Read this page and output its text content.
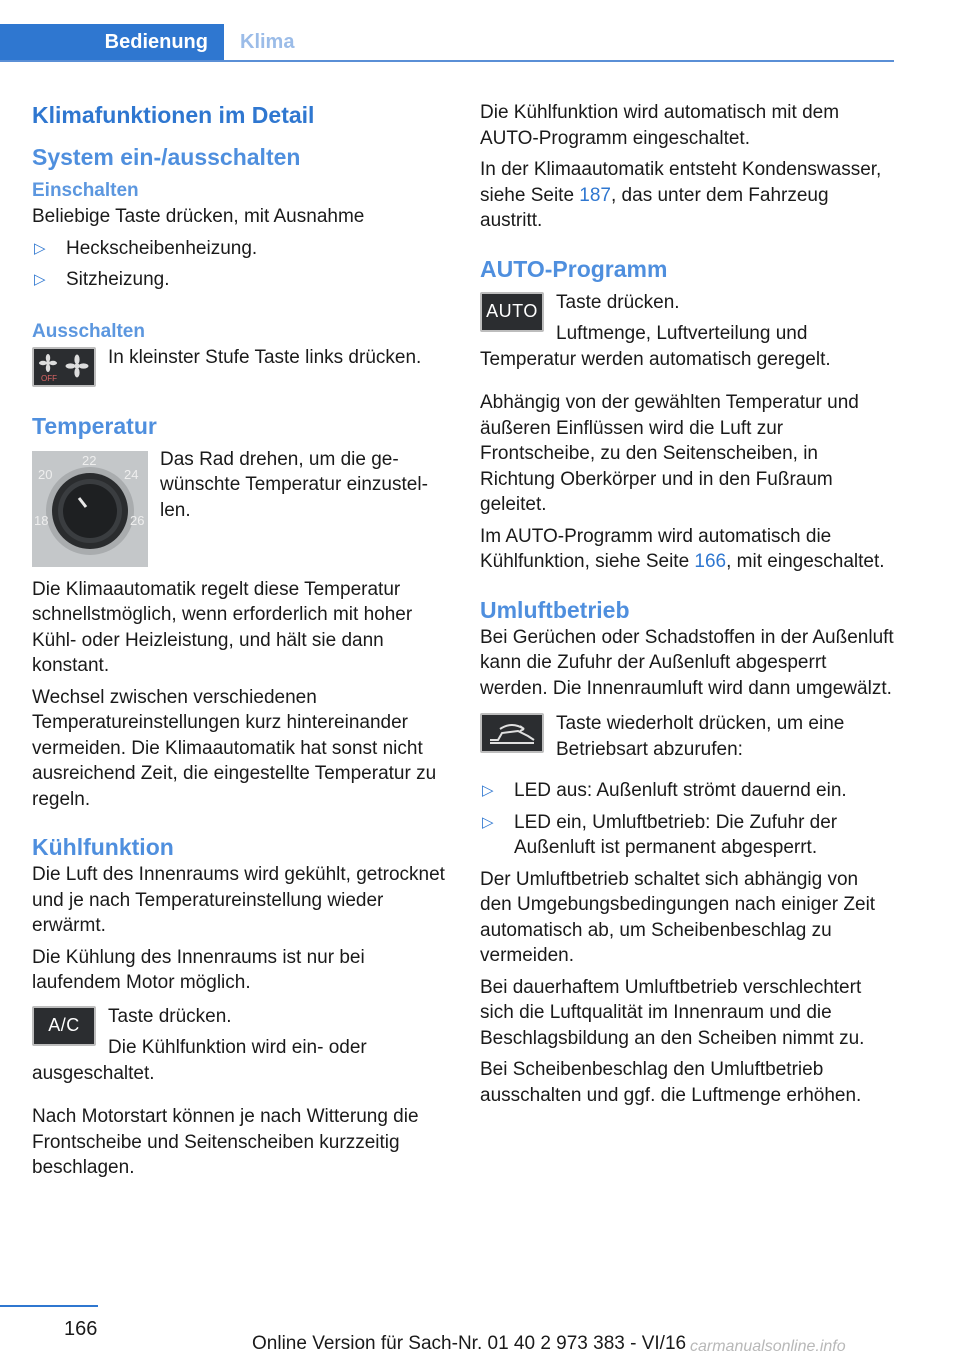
Bedienung	Klima
Klimafunktionen im Detail
System ein-/ausschalten
Einschalten

Beliebige Taste drücken, mit Ausnahme

▷ Heckscheibenheizung.
▷ Sitzheizung.
Ausschalten
OFF

In kleinster Stufe Taste links drücken.

Temperatur
22
20	24
18	26

Das Rad drehen, um die gewünschte Temperatur einzustellen.

Die Klimaautomatik regelt diese Temperatur schnellstmöglich, wenn erforderlich mit hoher Kühl- oder Heizleistung, und hält sie dann konstant.

Wechsel zwischen verschiedenen Temperatureinstellungen kurz hintereinander vermeiden. Die Klimaautomatik hat sonst nicht ausreichend Zeit, die eingestellte Temperatur zu regeln.

Kühlfunktion

Die Luft des Innenraums wird gekühlt, getrocknet und je nach Temperatureinstellung wieder erwärmt.

Die Kühlung des Innenraums ist nur bei laufendem Motor möglich.

A/C	Taste drücken.

Die Kühlfunktion wird ein- oder ausgeschaltet.

Nach Motorstart können je nach Witterung die Frontscheibe und Seitenscheiben kurzzeitig beschlagen.

Die Kühlfunktion wird automatisch mit dem AUTO-Programm eingeschaltet.

In der Klimaautomatik entsteht Kondenswasser, siehe Seite 187, das unter dem Fahrzeug austritt.

AUTO-Programm
AUTO Taste drücken.

Luftmenge, Luftverteilung und Temperatur werden automatisch geregelt.

Abhängig von der gewählten Temperatur und äußeren Einflüssen wird die Luft zur Frontscheibe, zu den Seitenscheiben, in Richtung Oberkörper und in den Fußraum geleitet.

Im AUTO-Programm wird automatisch die Kühlfunktion, siehe Seite 166, mit eingeschaltet.

Umluftbetrieb

Bei Gerüchen oder Schadstoffen in der Außenluft kann die Zufuhr der Außenluft abgesperrt werden. Die Innenraumluft wird dann umgewälzt.

Taste wiederholt drücken, um eine Betriebsart abzurufen:

▷ LED aus: Außenluft strömt dauernd ein.
▷ LED ein, Umluftbetrieb: Die Zufuhr der Außenluft ist permanent abgesperrt.

Der Umluftbetrieb schaltet sich abhängig von den Umgebungsbedingungen nach einiger Zeit automatisch ab, um Scheibenbeschlag zu vermeiden.

Bei dauerhaftem Umluftbetrieb verschlechtert sich die Luftqualität im Innenraum und die Beschlagsbildung an den Scheiben nimmt zu.

Bei Scheibenbeschlag den Umluftbetrieb ausschalten und ggf. die Luftmenge erhöhen.

166
Online Version für Sach-Nr. 01 40 2 973 383 - VI/16 carmanualsonline.info
